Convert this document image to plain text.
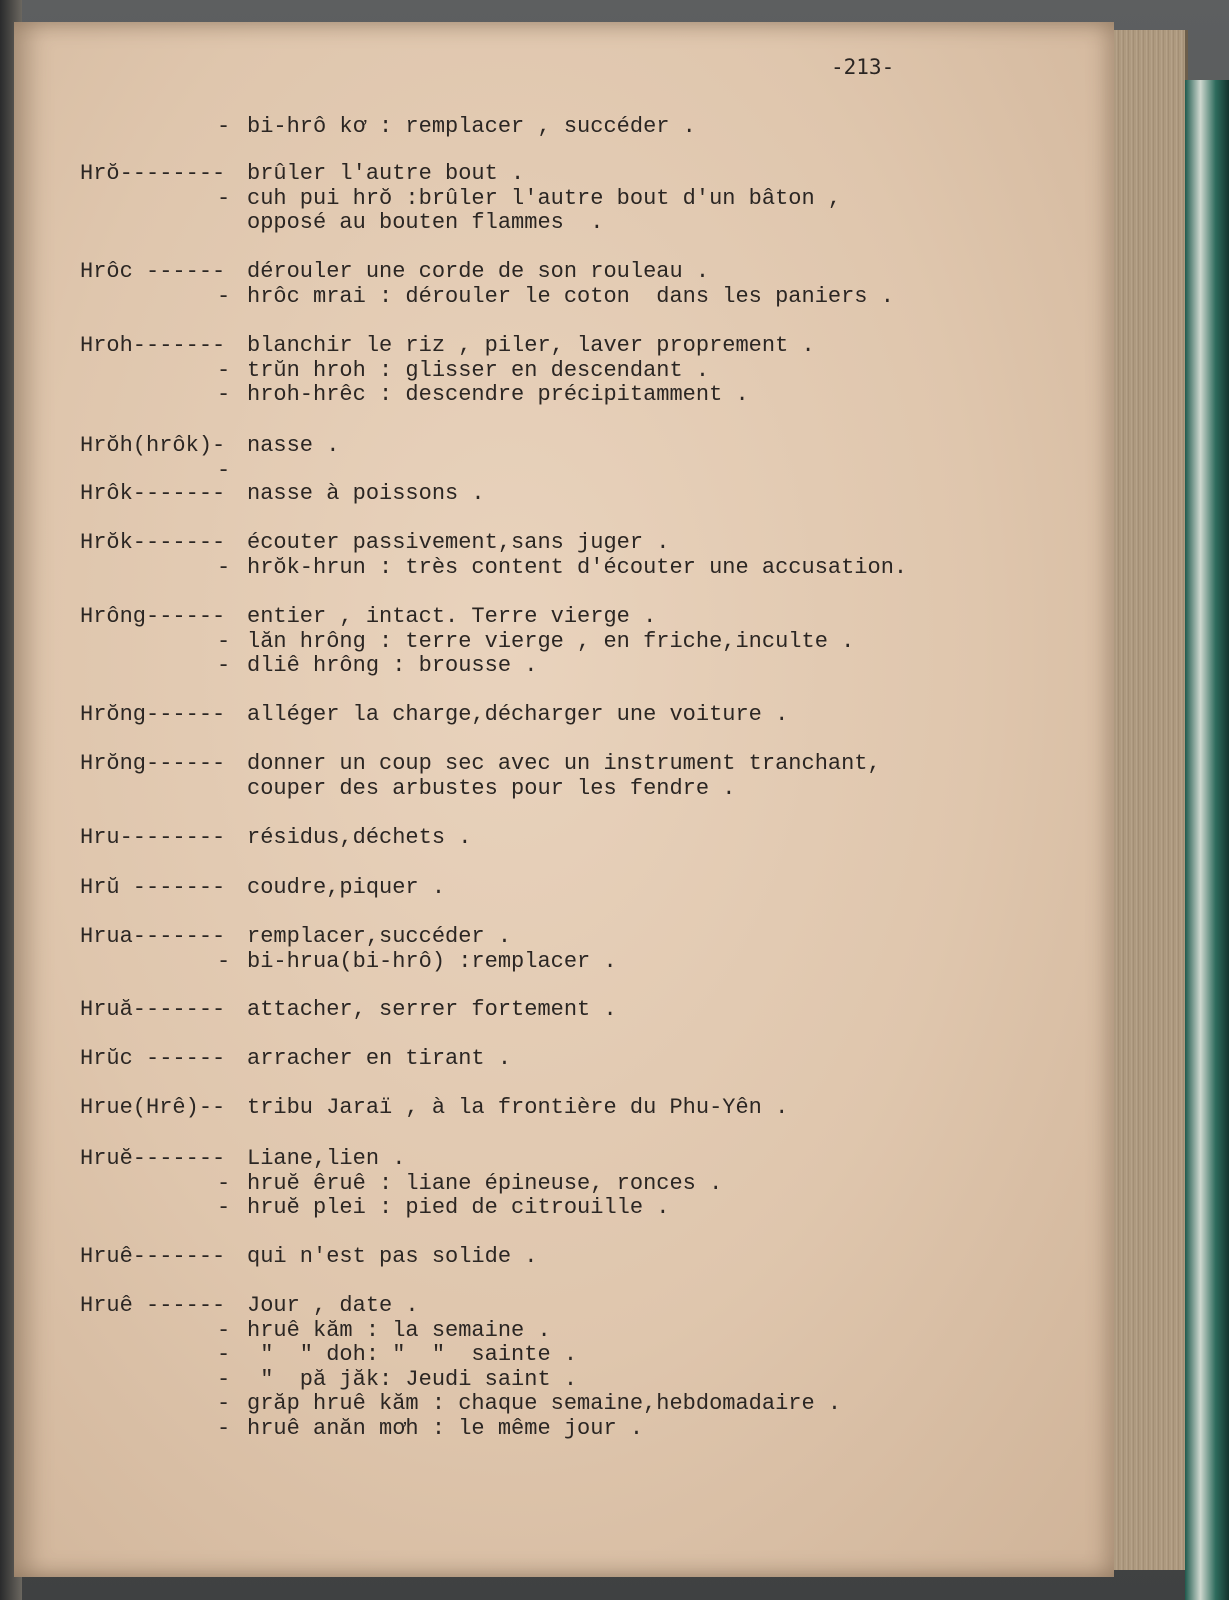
-213-

-

bi-hrô kơ : remplacer , succéder .

Hrŏ--------

brûler l'autre bout .

-

cuh pui hrŏ :brûler l'autre bout d'un bâton ,

opposé au bouten flammes  .

Hrôc ------

dérouler une corde de son rouleau .

-

hrôc mrai : dérouler le coton  dans les paniers .

Hroh-------

blanchir le riz , piler, laver proprement .

-

trŭn hroh : glisser en descendant .

-

hroh-hrêc : descendre précipitamment .

Hrŏh(hrôk)-

nasse .

-

Hrôk-------

nasse à poissons .

Hrŏk-------

écouter passivement,sans juger .

-

hrŏk-hrun : très content d'écouter une accusation.

Hrông------

entier , intact. Terre vierge .

-

lăn hrông : terre vierge , en friche,inculte .

-

dliê hrông : brousse .

Hrŏng------

alléger la charge,décharger une voiture .

Hrŏng------

donner un coup sec avec un instrument tranchant,

couper des arbustes pour les fendre .

Hru--------

résidus,déchets .

Hrŭ -------

coudre,piquer .

Hrua-------

remplacer,succéder .

-

bi-hrua(bi-hrô) :remplacer .

Hruă-------

attacher, serrer fortement .

Hrŭc ------

arracher en tirant .

Hrue(Hrê)--

tribu Jaraï , à la frontière du Phu-Yên .

Hruĕ-------

Liane,lien .

-

hruĕ êruê : liane épineuse, ronces .

-

hruĕ plei : pied de citrouille .

Hruê-------

qui n'est pas solide .

Hruê ------

Jour , date .

-

hruê kăm : la semaine .

-

"  " doh: "  "  sainte .

-

"  pă jăk: Jeudi saint .

-

grăp hruê kăm : chaque semaine,hebdomadaire .

-

hruê anăn mơh : le même jour .
